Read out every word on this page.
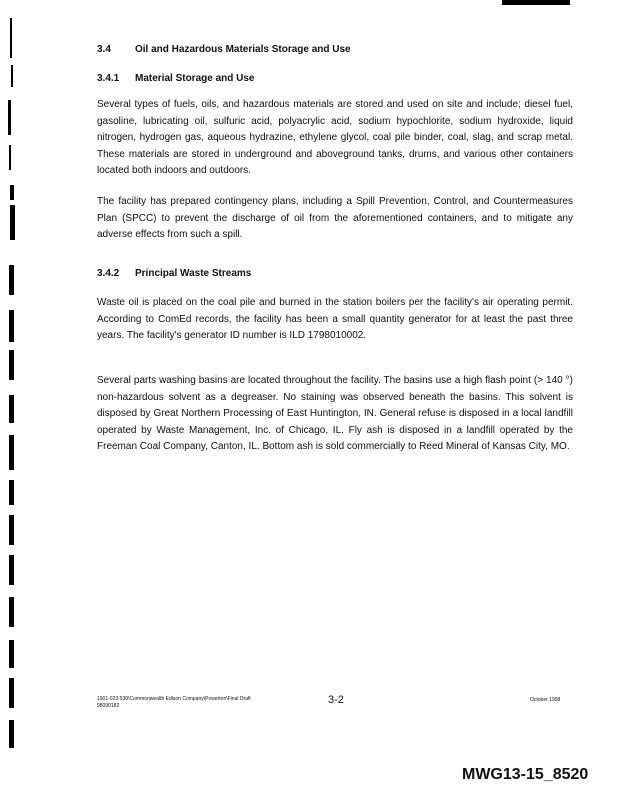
3.4 Oil and Hazardous Materials Storage and Use
3.4.1 Material Storage and Use
Several types of fuels, oils, and hazardous materials are stored and used on site and include; diesel fuel, gasoline, lubricating oil, sulfuric acid, polyacrylic acid, sodium hypochlorite, sodium hydroxide, liquid nitrogen, hydrogen gas, aqueous hydrazine, ethylene glycol, coal pile binder, coal, slag, and scrap metal. These materials are stored in underground and aboveground tanks, drums, and various other containers located both indoors and outdoors.
The facility has prepared contingency plans, including a Spill Prevention, Control, and Countermeasures Plan (SPCC) to prevent the discharge of oil from the aforementioned containers, and to mitigate any adverse effects from such a spill.
3.4.2 Principal Waste Streams
Waste oil is placed on the coal pile and burned in the station boilers per the facility's air operating permit. According to ComEd records, the facility has been a small quantity generator for at least the past three years. The facility's generator ID number is ILD 1798010002.
Several parts washing basins are located throughout the facility. The basins use a high flash point (> 140 °) non-hazardous solvent as a degreaser. No staining was observed beneath the basins. This solvent is disposed by Great Northern Processing of East Huntington, IN. General refuse is disposed in a local landfill operated by Waste Management, Inc. of Chicago, IL. Fly ash is disposed in a landfill operated by the Freeman Coal Company, Canton, IL. Bottom ash is sold commercially to Reed Mineral of Kansas City, MO.
1901-023-530\Commonwealth Edison Company\Powerton\Final Draft
98090182	3-2	October 1998
MWG13-15_8520
